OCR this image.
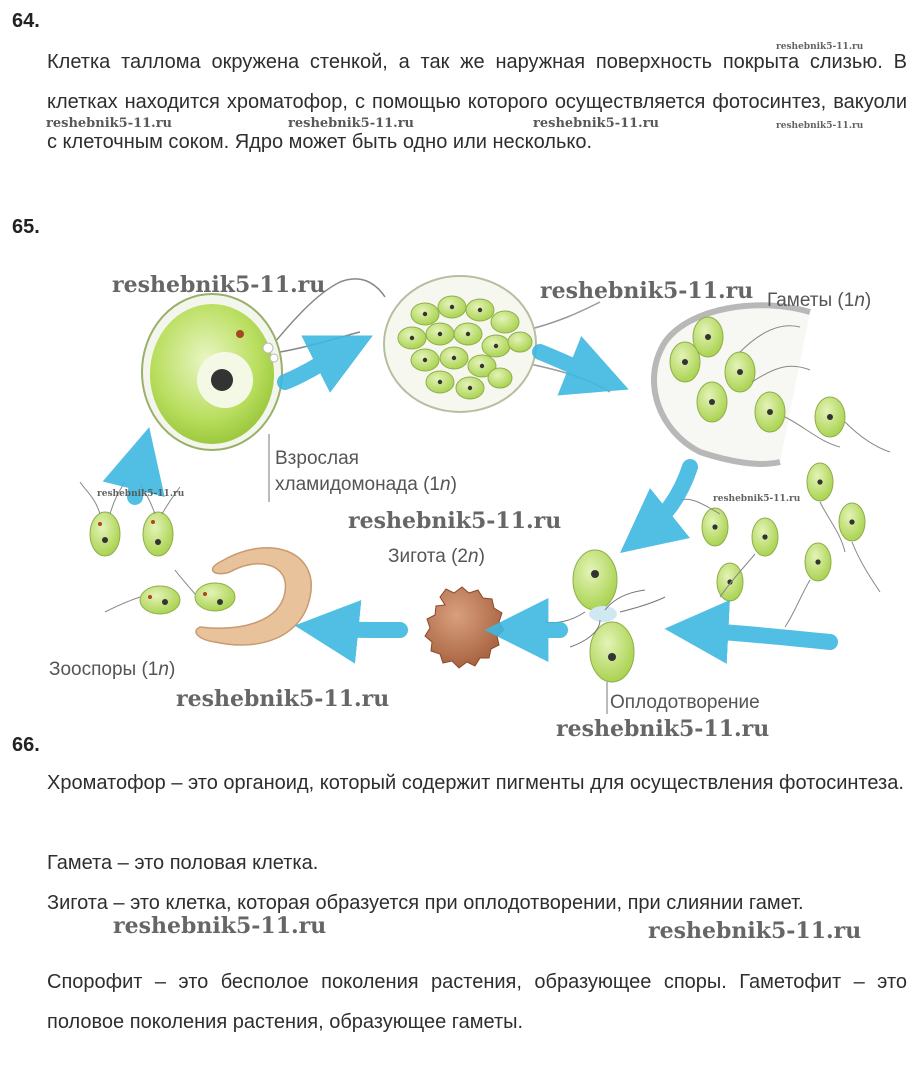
64.
Клетка таллома окружена стенкой, а так же наружная поверхность покрыта слизью. В клетках находится хроматофор, с помощью которого осуществляется фотосинтез, вакуоли с клеточным соком. Ядро может быть одно или несколько.
65.
Взрослая
хламидомонада (1n)
Гаметы (1n)
Зигота (2n)
Зооспоры (1n)
Оплодотворение
66.
Хроматофор – это органоид, который содержит пигменты для осуществления фотосинтеза.
Гамета – это половая клетка.
Зигота – это клетка, которая образуется при оплодотворении, при слиянии гамет.
Спорофит – это бесполое поколения растения, образующее споры. Гаметофит – это половое поколения растения, образующее гаметы.
reshebnik5-11.ru
reshebnik5-11.ru	reshebnik5-11.ru	reshebnik5-11.ru	reshebnik5-11.ru
reshebnik5-11.ru	reshebnik5-11.ru
reshebnik5-11.ru	reshebnik5-11.ru
reshebnik5-11.ru
reshebnik5-11.ru
reshebnik5-11.ru
reshebnik5-11.ru	reshebnik5-11.ru
